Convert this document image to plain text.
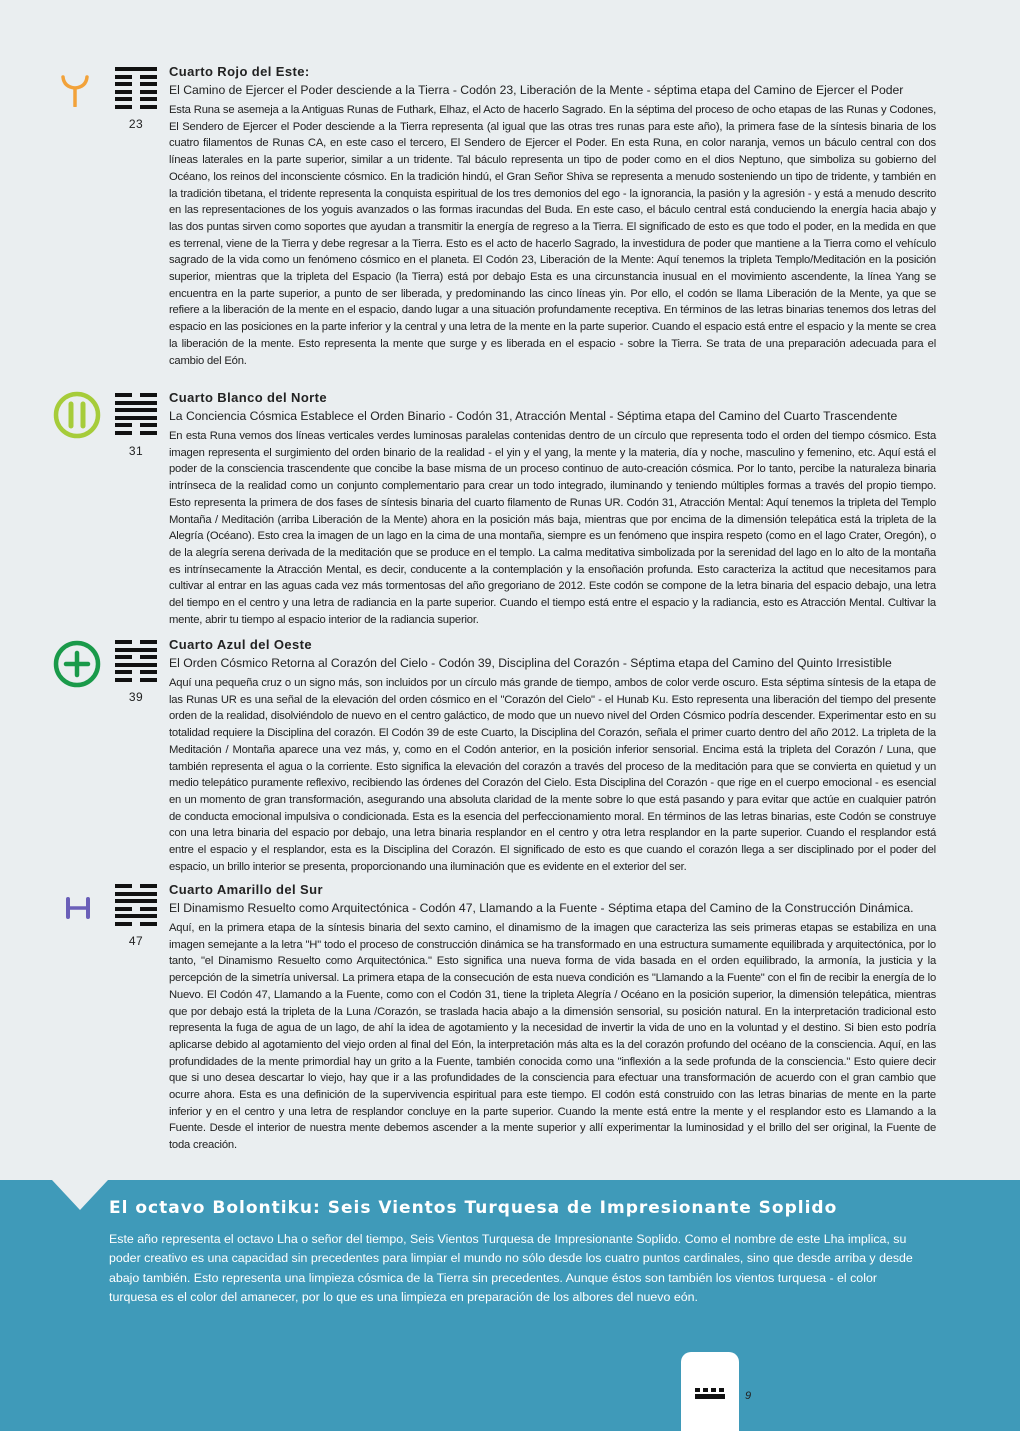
23

Cuarto Rojo del Este:

El Camino de Ejercer el Poder desciende a la Tierra - Codón 23, Liberación de la Mente - séptima etapa del Camino de Ejercer el Poder

Esta Runa se asemeja a la Antiguas Runas de Futhark, Elhaz, el Acto de hacerlo Sagrado. En la séptima del proceso de ocho etapas de las Runas y Codones, El Sendero de Ejercer el Poder desciende a la Tierra representa (al igual que las otras tres runas para este año), la primera fase de la síntesis binaria de los cuatro filamentos de Runas CA, en este caso el tercero, El Sendero de Ejercer el Poder. En esta Runa, en color naranja, vemos un báculo central con dos líneas laterales en la parte superior, similar a un tridente. Tal báculo representa un tipo de poder como en el dios Neptuno, que simboliza su gobierno del Océano, los reinos del inconsciente cósmico. En la tradición hindú, el Gran Señor Shiva se representa a menudo sosteniendo un tipo de tridente, y también en la tradición tibetana, el tridente representa la conquista espiritual de los tres demonios del ego - la ignorancia, la pasión y la agresión - y está a menudo descrito en las representaciones de los yoguis avanzados o las formas iracundas del Buda. En este caso, el báculo central está conduciendo la energía hacia abajo y las dos puntas sirven como soportes que ayudan a transmitir la energía de regreso a la Tierra. El significado de esto es que todo el poder, en la medida en que es terrenal, viene de la Tierra y debe regresar a la Tierra. Esto es el acto de hacerlo Sagrado, la investidura de poder que mantiene a la Tierra como el vehículo sagrado de la vida como un fenómeno cósmico en el planeta. El Codón 23, Liberación de la Mente: Aquí tenemos la tripleta Templo/Meditación en la posición superior, mientras que la tripleta del Espacio (la Tierra) está por debajo Esta es una circunstancia inusual en el movimiento ascendente, la línea Yang se encuentra en la parte superior, a punto de ser liberada, y predominando las cinco líneas yin. Por ello, el codón se llama Liberación de la Mente, ya que se refiere a la liberación de la mente en el espacio, dando lugar a una situación profundamente receptiva. En términos de las letras binarias tenemos dos letras del espacio en las posiciones en la parte inferior y la central y una letra de la mente en la parte superior. Cuando el espacio está entre el espacio y la mente se crea la liberación de la mente. Esto representa la mente que surge y es liberada en el espacio - sobre la Tierra. Se trata de una preparación adecuada para el cambio del Eón.

31

Cuarto Blanco del Norte

La Conciencia Cósmica Establece el Orden Binario - Codón 31, Atracción Mental - Séptima etapa del Camino del Cuarto Trascendente

En esta Runa vemos dos líneas verticales verdes luminosas paralelas contenidas dentro de un círculo que representa todo el orden del tiempo cósmico. Esta imagen representa el surgimiento del orden binario de la realidad - el yin y el yang, la mente y la materia, día y noche, masculino y femenino, etc. Aquí está el poder de la consciencia trascendente que concibe la base misma de un proceso continuo de auto-creación cósmica. Por lo tanto, percibe la naturaleza binaria intrínseca de la realidad como un conjunto complementario para crear un todo integrado, iluminando y teniendo múltiples formas a través del propio tiempo. Esto representa la primera de dos fases de síntesis binaria del cuarto filamento de Runas UR. Codón 31, Atracción Mental: Aquí tenemos la tripleta del Templo Montaña / Meditación (arriba Liberación de la Mente) ahora en la posición más baja, mientras que por encima de la dimensión telepática está la tripleta de la Alegría (Océano). Esto crea la imagen de un lago en la cima de una montaña, siempre es un fenómeno que inspira respeto (como en el lago Crater, Oregón), o de la alegría serena derivada de la meditación que se produce en el templo. La calma meditativa simbolizada por la serenidad del lago en lo alto de la montaña es intrínsecamente la Atracción Mental, es decir, conducente a la contemplación y la ensoñación profunda. Esto caracteriza la actitud que necesitamos para cultivar al entrar en las aguas cada vez más tormentosas del año gregoriano de 2012. Este codón se compone de la letra binaria del espacio debajo, una letra del tiempo en el centro y una letra de radiancia en la parte superior. Cuando el tiempo está entre el espacio y la radiancia, esto es Atracción Mental. Cultivar la mente, abrir tu tiempo al espacio interior de la radiancia superior.

39

Cuarto Azul del Oeste

El Orden Cósmico Retorna al Corazón del Cielo - Codón 39, Disciplina del Corazón - Séptima etapa del Camino del Quinto Irresistible

Aquí una pequeña cruz o un signo más, son incluidos por un círculo más grande de tiempo, ambos de color verde oscuro. Esta séptima síntesis de la etapa de las Runas UR es una señal de la elevación del orden cósmico en el "Corazón del Cielo" - el Hunab Ku. Esto representa una liberación del tiempo del presente orden de la realidad, disolviéndolo de nuevo en el centro galáctico, de modo que un nuevo nivel del Orden Cósmico podría descender. Experimentar esto en su totalidad requiere la Disciplina del corazón. El Codón 39 de este Cuarto, la Disciplina del Corazón, señala el primer cuarto dentro del año 2012. La tripleta de la Meditación / Montaña aparece una vez más, y, como en el Codón anterior, en la posición inferior sensorial. Encima está la tripleta del Corazón / Luna, que también representa el agua o la corriente. Esto significa la elevación del corazón a través del proceso de la meditación para que se convierta en quietud y un medio telepático puramente reflexivo, recibiendo las órdenes del Corazón del Cielo. Esta Disciplina del Corazón - que rige en el cuerpo emocional - es esencial en un momento de gran transformación, asegurando una absoluta claridad de la mente sobre lo que está pasando y para evitar que actúe en cualquier patrón de conducta emocional impulsiva o condicionada. Esta es la esencia del perfeccionamiento moral. En términos de las letras binarias, este Codón se construye con una letra binaria del espacio por debajo, una letra binaria resplandor en el centro y otra letra resplandor en la parte superior. Cuando el resplandor está entre el espacio y el resplandor, esta es la Disciplina del Corazón. El significado de esto es que cuando el corazón llega a ser disciplinado por el poder del espacio, un brillo interior se presenta, proporcionando una iluminación que es evidente en el exterior del ser.

47

Cuarto Amarillo del Sur

El Dinamismo Resuelto como Arquitectónica - Codón 47, Llamando a la Fuente - Séptima etapa del Camino de la Construcción Dinámica.

Aquí, en la primera etapa de la síntesis binaria del sexto camino, el dinamismo de la imagen que caracteriza las seis primeras etapas se estabiliza en una imagen semejante a la letra "H" todo el proceso de construcción dinámica se ha transformado en una estructura sumamente equilibrada y arquitectónica, por lo tanto, "el Dinamismo Resuelto como Arquitectónica." Esto significa una nueva forma de vida basada en el orden equilibrado, la armonía, la justicia y la percepción de la simetría universal. La primera etapa de la consecución de esta nueva condición es "Llamando a la Fuente" con el fin de recibir la energía de lo Nuevo. El Codón 47, Llamando a la Fuente, como con el Codón 31, tiene la tripleta Alegría / Océano en la posición superior, la dimensión telepática, mientras que por debajo está la tripleta de la Luna /Corazón, se traslada hacia abajo a la dimensión sensorial, su posición natural. En la interpretación tradicional esto representa la fuga de agua de un lago, de ahí la idea de agotamiento y la necesidad de invertir la vida de uno en la voluntad y el destino. Si bien esto podría aplicarse debido al agotamiento del viejo orden al final del Eón, la interpretación más alta es la del corazón profundo del océano de la consciencia. Aquí, en las profundidades de la mente primordial hay un grito a la Fuente, también conocida como una "inflexión a la sede profunda de la consciencia." Esto quiere decir que si uno desea descartar lo viejo, hay que ir a las profundidades de la consciencia para efectuar una transformación de acuerdo con el gran cambio que ocurre ahora. Esta es una definición de la supervivencia espiritual para este tiempo. El codón está construido con las letras binarias de mente en la parte inferior y en el centro y una letra de resplandor concluye en la parte superior. Cuando la mente está entre la mente y el resplandor esto es Llamando a la Fuente. Desde el interior de nuestra mente debemos ascender a la mente superior y allí experimentar la luminosidad y el brillo del ser original, la Fuente de toda creación.

El octavo Bolontiku: Seis Vientos Turquesa de Impresionante Soplido
Este año representa el octavo Lha o señor del tiempo, Seis Vientos Turquesa de Impresionante Soplido. Como el nombre de este Lha implica, su poder creativo es una capacidad sin precedentes para limpiar el mundo no sólo desde los cuatro puntos cardinales, sino que desde arriba y desde abajo también. Esto representa una limpieza cósmica de la Tierra sin precedentes. Aunque éstos son también los vientos turquesa - el color turquesa es el color del amanecer, por lo que es una limpieza en preparación de los albores del nuevo eón.
9
